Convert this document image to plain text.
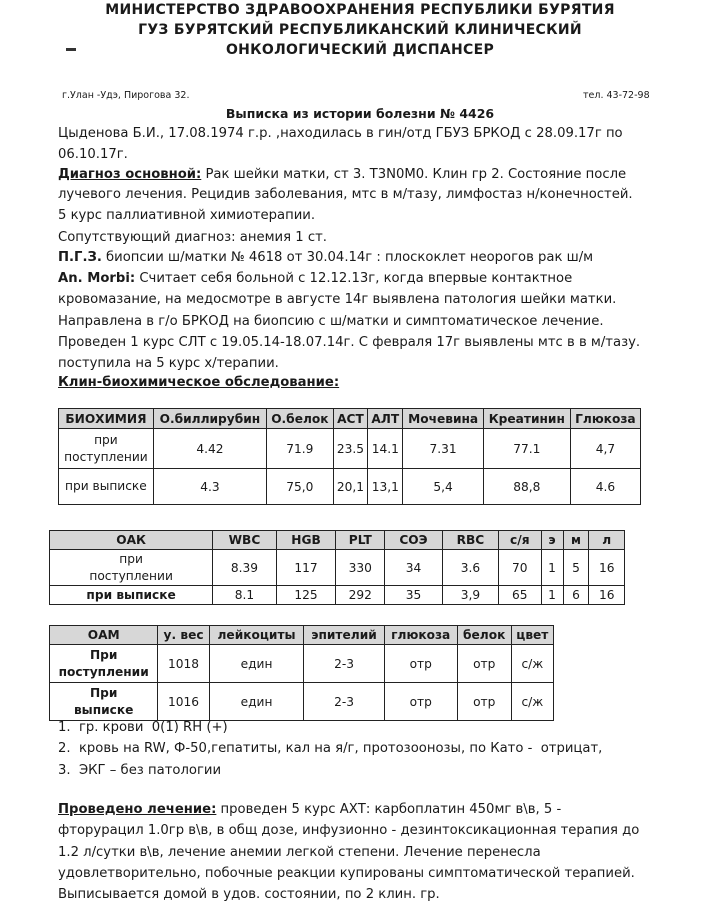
МИНИСТЕРСТВО ЗДРАВООХРАНЕНИЯ РЕСПУБЛИКИ БУРЯТИЯ
ГУЗ БУРЯТСКИЙ РЕСПУБЛИКАНСКИЙ КЛИНИЧЕСКИЙ
ОНКОЛОГИЧЕСКИЙ ДИСПАНСЕР
г.Улан -Удэ, Пирогова 32.	тел. 43-72-98
Выписка из истории болезни № 4426
Цыденова Б.И., 17.08.1974 г.р. ,находилась в гин/отд ГБУЗ БРКОД с 28.09.17г по
06.10.17г.
Диагноз основной: Рак шейки матки, ст 3. Т3N0M0. Клин гр 2. Состояние после
лучевого лечения. Рецидив заболевания, мтс в м/тазу, лимфостаз н/конечностей.
5 курс паллиативной химиотерапии.
Сопутствующий диагноз: анемия 1 ст.
П.Г.З. биопсии ш/матки № 4618 от 30.04.14г : плоскоклет неорогов рак ш/м
An. Morbi: Считает себя больной с 12.12.13г, когда впервые контактное
кровомазание, на медосмотре в августе 14г выявлена патология шейки матки.
Направлена в г/о БРКОД на биопсию с ш/матки и симптоматическое лечение.
Проведен 1 курс СЛТ с 19.05.14-18.07.14г. С февраля 17г выявлены мтс в в м/тазу.
поступила на 5 курс х/терапии.
Клин-биохимическое обследование:
БИОХИМИЯ	О.биллирубин	О.белок	АСТ	АЛТ	Мочевина	Креатинин	Глюкоза
при
поступлении	4.42	71.9	23.5	14.1	7.31	77.1	4,7
при выписке	4.3	75,0	20,1	13,1	5,4	88,8	4.6
ОАК	WBC	HGB	PLT	СОЭ	RBC	с/я	э	м	л
при
поступлении	8.39	117	330	34	3.6	70	1	5	16
при выписке	8.1	125	292	35	3,9	65	1	6	16
ОАМ	у. вес	лейкоциты	эпителий	глюкоза	белок	цвет
При
поступлении	1018	един	2-3	отр	отр	с/ж
При
выписке	1016	един	2-3	отр	отр	с/ж
1.  гр. крови  0(1) RH (+)
2.  кровь на RW, Ф-50,гепатиты, кал на я/г, протозоонозы, по Като -  отрицат,
3.  ЭКГ – без патологии
Проведено лечение: проведен 5 курс АХТ: карбоплатин 450мг в\в, 5 -
фторурацил 1.0гр в\в, в общ дозе, инфузионно - дезинтоксикационная терапия до
1.2 л/сутки в\в, лечение анемии легкой степени. Лечение перенесла
удовлетворительно, побочные реакции купированы симптоматической терапией.
Выписывается домой в удов. состоянии, по 2 клин. гр.
